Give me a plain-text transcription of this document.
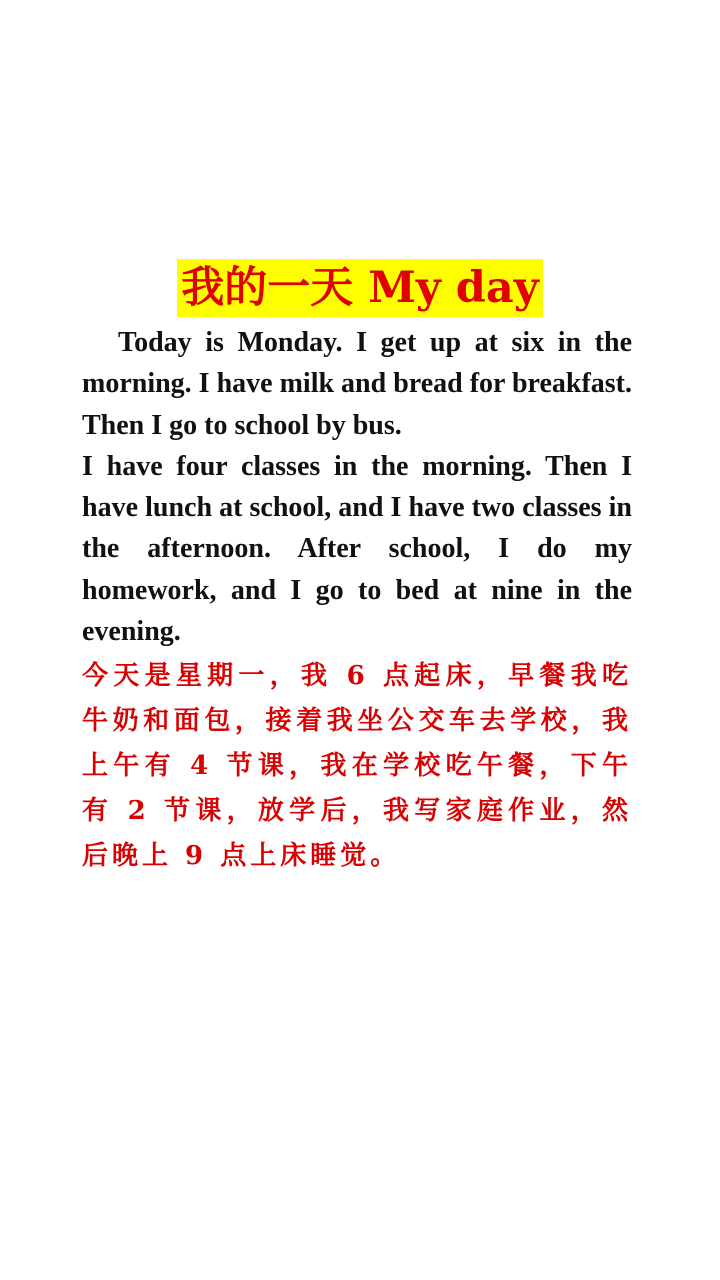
我的一天 My day

Today is Monday. I get up at six in the morning. I have milk and bread for breakfast. Then I go to school by bus.

I have four classes in the morning. Then I have lunch at school, and I have two classes in the afternoon. After school, I do my homework, and I go to bed at nine in the evening.

今天是星期一，我 6 点起床，早餐我吃牛奶和面包，接着我坐公交车去学校，我上午有 4 节课，我在学校吃午餐，下午有 2 节课，放学后，我写家庭作业，然后晚上 9 点上床睡觉。
